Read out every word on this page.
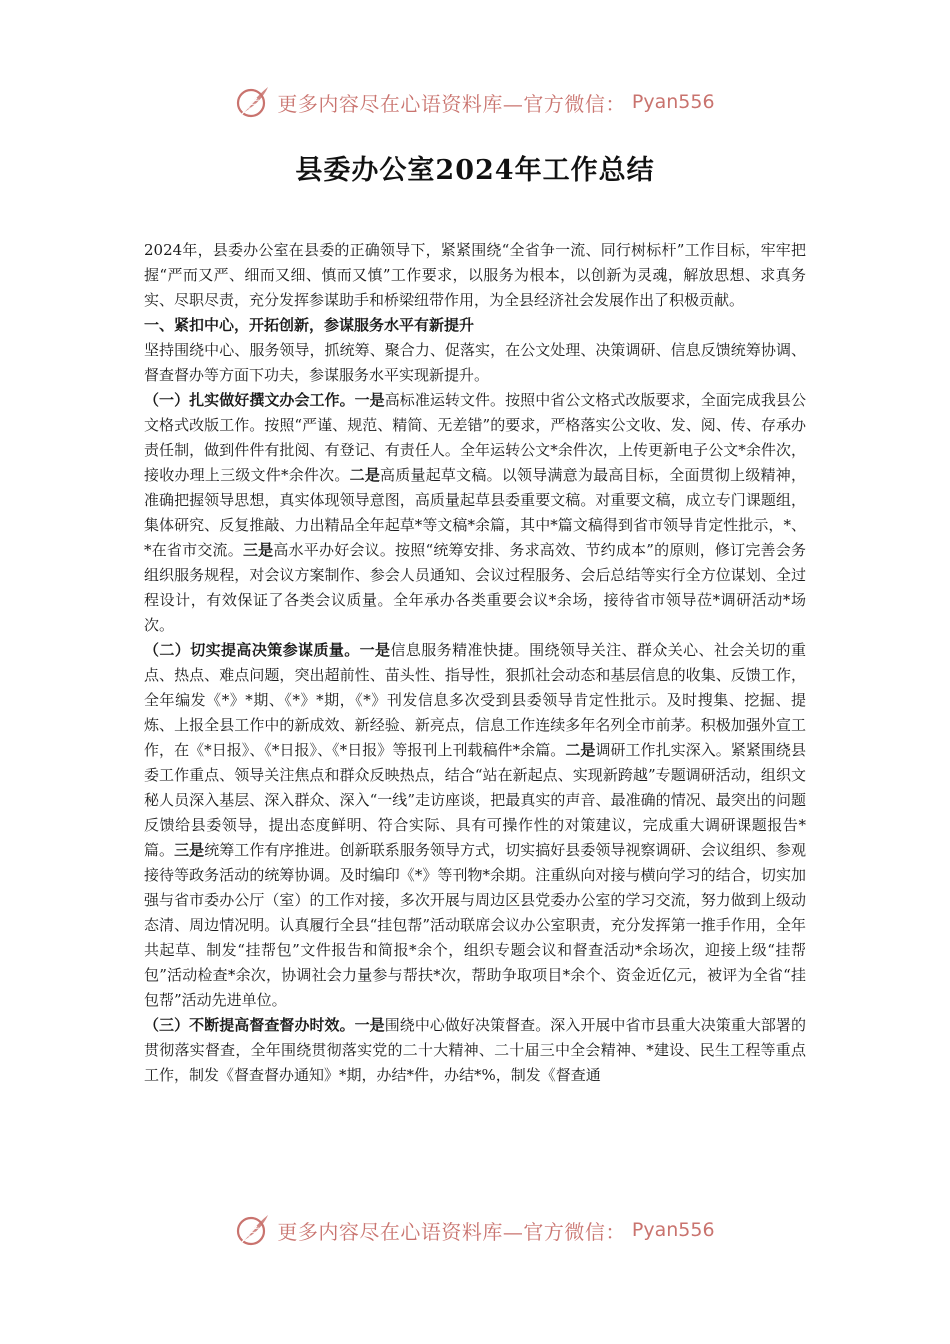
更多内容尽在心语资料库—官方微信： Pyan556
县委办公室2024年工作总结

2024年，县委办公室在县委的正确领导下，紧紧围绕“全省争一流、同行树标杆”工作目标，牢牢把握“严而又严、细而又细、慎而又慎”工作要求，以服务为根本，以创新为灵魂，解放思想、求真务实、尽职尽责，充分发挥参谋助手和桥梁纽带作用，为全县经济社会发展作出了积极贡献。

一、紧扣中心，开拓创新，参谋服务水平有新提升

坚持围绕中心、服务领导，抓统筹、聚合力、促落实，在公文处理、决策调研、信息反馈统筹协调、督查督办等方面下功夫，参谋服务水平实现新提升。

（一）扎实做好撰文办会工作。一是高标准运转文件。按照中省公文格式改版要求，全面完成我县公文格式改版工作。按照“严谨、规范、精简、无差错”的要求，严格落实公文收、发、阅、传、存承办责任制，做到件件有批阅、有登记、有责任人。全年运转公文*余件次，上传更新电子公文*余件次，接收办理上三级文件*余件次。二是高质量起草文稿。以领导满意为最高目标，全面贯彻上级精神，准确把握领导思想，真实体现领导意图，高质量起草县委重要文稿。对重要文稿，成立专门课题组，集体研究、反复推敲、力出精品全年起草*等文稿*余篇，其中*篇文稿得到省市领导肯定性批示，*、*在省市交流。三是高水平办好会议。按照“统筹安排、务求高效、节约成本”的原则，修订完善会务组织服务规程，对会议方案制作、参会人员通知、会议过程服务、会后总结等实行全方位谋划、全过程设计，有效保证了各类会议质量。全年承办各类重要会议*余场，接待省市领导莅*调研活动*场次。

（二）切实提高决策参谋质量。一是信息服务精准快捷。围绕领导关注、群众关心、社会关切的重点、热点、难点问题，突出超前性、苗头性、指导性，狠抓社会动态和基层信息的收集、反馈工作，全年编发《*》*期、《*》*期，《*》刊发信息多次受到县委领导肯定性批示。及时搜集、挖掘、提炼、上报全县工作中的新成效、新经验、新亮点，信息工作连续多年名列全市前茅。积极加强外宣工作，在《*日报》、《*日报》、《*日报》等报刊上刊载稿件*余篇。二是调研工作扎实深入。紧紧围绕县委工作重点、领导关注焦点和群众反映热点，结合“站在新起点、实现新跨越”专题调研活动，组织文秘人员深入基层、深入群众、深入“一线”走访座谈，把最真实的声音、最准确的情况、最突出的问题反馈给县委领导，提出态度鲜明、符合实际、具有可操作性的对策建议，完成重大调研课题报告*篇。三是统筹工作有序推进。创新联系服务领导方式，切实搞好县委领导视察调研、会议组织、参观接待等政务活动的统筹协调。及时编印《*》等刊物*余期。注重纵向对接与横向学习的结合，切实加强与省市委办公厅（室）的工作对接，多次开展与周边区县党委办公室的学习交流，努力做到上级动态清、周边情况明。认真履行全县“挂包帮”活动联席会议办公室职责，充分发挥第一推手作用，全年共起草、制发“挂帮包”文件报告和简报*余个，组织专题会议和督查活动*余场次，迎接上级“挂帮包”活动检查*余次，协调社会力量参与帮扶*次，帮助争取项目*余个、资金近亿元，被评为全省“挂包帮”活动先进单位。

（三）不断提高督查督办时效。一是围绕中心做好决策督查。深入开展中省市县重大决策重大部署的贯彻落实督查，全年围绕贯彻落实党的二十大精神、二十届三中全会精神、*建设、民生工程等重点工作，制发《督查督办通知》*期，办结*件，办结*%，制发《督查通

更多内容尽在心语资料库—官方微信： Pyan556
